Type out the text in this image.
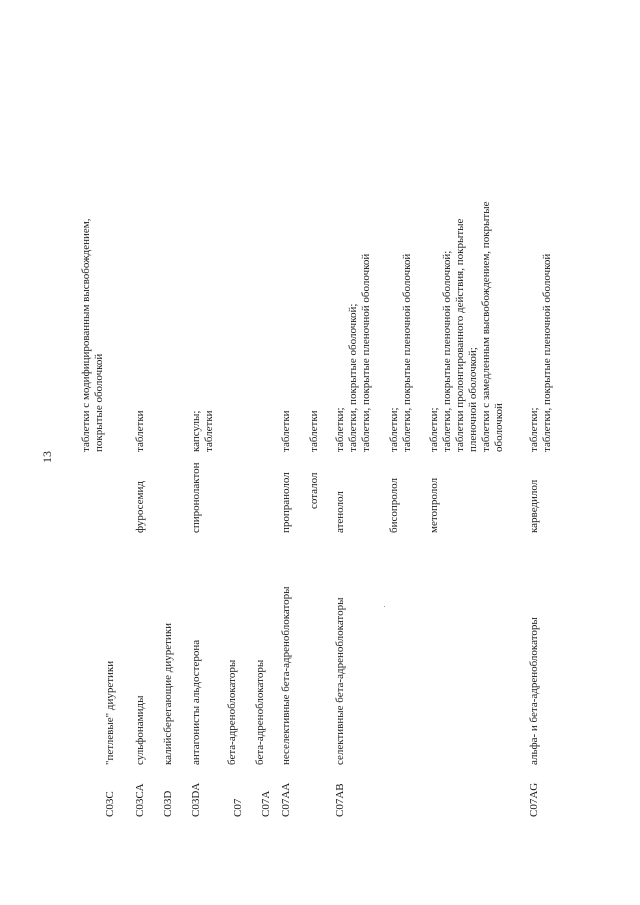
13
таблетки с модифицированным высвобождением, покрытые оболочкой
C03C
"петлевые" диуретики
C03CA
сульфонамиды
фуросемид
таблетки
C03D
калийсберегающие диуретики
C03DA
антагонисты альдостерона
спиронолактон
капсулы; таблетки
C07
бета-адреноблокаторы
C07A
бета-адреноблокаторы
C07AA
неселективные бета-адреноблокаторы
пропранолол
таблетки
соталол
таблетки
C07AB
селективные бета-адреноблокаторы
атенолол
таблетки; таблетки, покрытые оболочкой; таблетки, покрытые пленочной оболочкой
бисопролол
таблетки; таблетки, покрытые пленочной оболочкой
метопролол
таблетки; таблетки, покрытые пленочной оболочкой; таблетки пролонгированного действия, покрытые пленочной оболочкой; таблетки с замедленным высвобождением, покрытые оболочкой
C07AG
альфа- и бета-адреноблокаторы
карведилол
таблетки; таблетки, покрытые пленочной оболочкой
